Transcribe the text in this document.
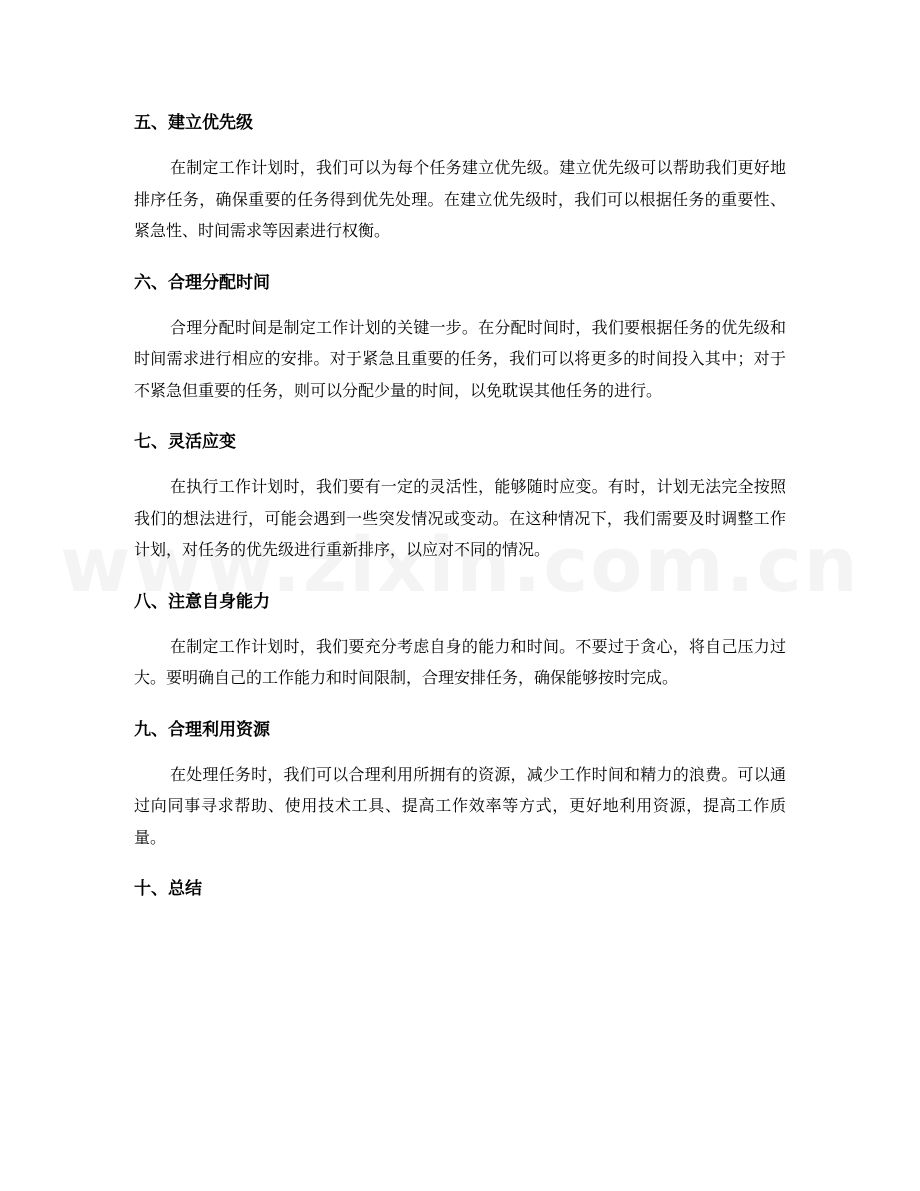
五、建立优先级

在制定工作计划时，我们可以为每个任务建立优先级。建立优先级可以帮助我们更好地排序任务，确保重要的任务得到优先处理。在建立优先级时，我们可以根据任务的重要性、紧急性、时间需求等因素进行权衡。

六、合理分配时间

合理分配时间是制定工作计划的关键一步。在分配时间时，我们要根据任务的优先级和时间需求进行相应的安排。对于紧急且重要的任务，我们可以将更多的时间投入其中；对于不紧急但重要的任务，则可以分配少量的时间，以免耽误其他任务的进行。

七、灵活应变

在执行工作计划时，我们要有一定的灵活性，能够随时应变。有时，计划无法完全按照我们的想法进行，可能会遇到一些突发情况或变动。在这种情况下，我们需要及时调整工作计划，对任务的优先级进行重新排序，以应对不同的情况。

八、注意自身能力

在制定工作计划时，我们要充分考虑自身的能力和时间。不要过于贪心，将自己压力过大。要明确自己的工作能力和时间限制，合理安排任务，确保能够按时完成。

九、合理利用资源

在处理任务时，我们可以合理利用所拥有的资源，减少工作时间和精力的浪费。可以通过向同事寻求帮助、使用技术工具、提高工作效率等方式，更好地利用资源，提高工作质量。

十、总结
